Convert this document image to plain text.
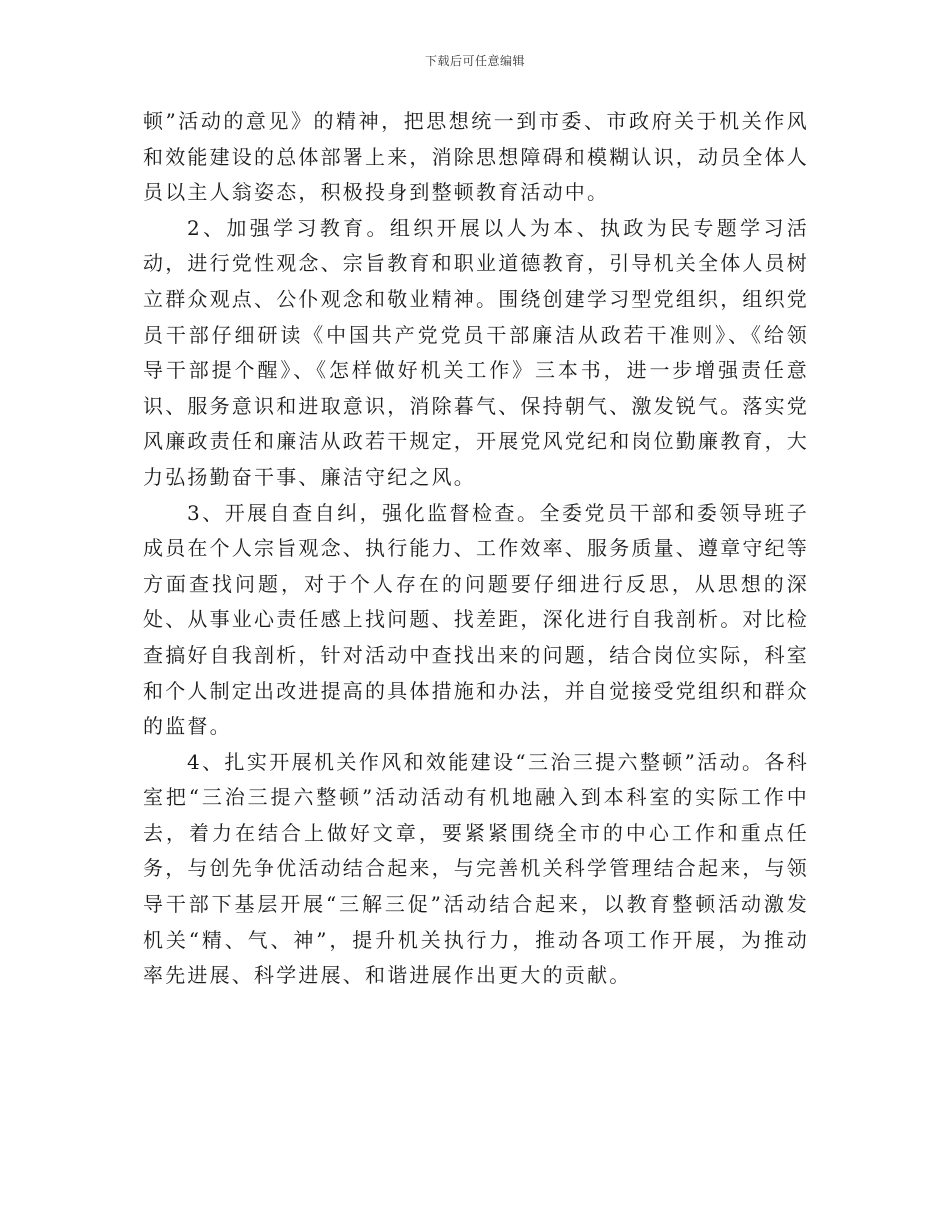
下载后可任意编辑

顿”活动的意见》的精神，把思想统一到市委、市政府关于机关作风和效能建设的总体部署上来，消除思想障碍和模糊认识，动员全体人员以主人翁姿态，积极投身到整顿教育活动中。

2、加强学习教育。组织开展以人为本、执政为民专题学习活动，进行党性观念、宗旨教育和职业道德教育，引导机关全体人员树立群众观点、公仆观念和敬业精神。围绕创建学习型党组织，组织党员干部仔细研读《中国共产党党员干部廉洁从政若干准则》、《给领导干部提个醒》、《怎样做好机关工作》三本书，进一步增强责任意识、服务意识和进取意识，消除暮气、保持朝气、激发锐气。落实党风廉政责任和廉洁从政若干规定，开展党风党纪和岗位勤廉教育，大力弘扬勤奋干事、廉洁守纪之风。

3、开展自查自纠，强化监督检查。全委党员干部和委领导班子成员在个人宗旨观念、执行能力、工作效率、服务质量、遵章守纪等方面查找问题，对于个人存在的问题要仔细进行反思，从思想的深处、从事业心责任感上找问题、找差距，深化进行自我剖析。对比检查搞好自我剖析，针对活动中查找出来的问题，结合岗位实际，科室和个人制定出改进提高的具体措施和办法，并自觉接受党组织和群众的监督。

4、扎实开展机关作风和效能建设“三治三提六整顿”活动。各科室把“三治三提六整顿”活动活动有机地融入到本科室的实际工作中去，着力在结合上做好文章，要紧紧围绕全市的中心工作和重点任务，与创先争优活动结合起来，与完善机关科学管理结合起来，与领导干部下基层开展“三解三促”活动结合起来，以教育整顿活动激发机关“精、气、神”，提升机关执行力，推动各项工作开展，为推动率先进展、科学进展、和谐进展作出更大的贡献。
